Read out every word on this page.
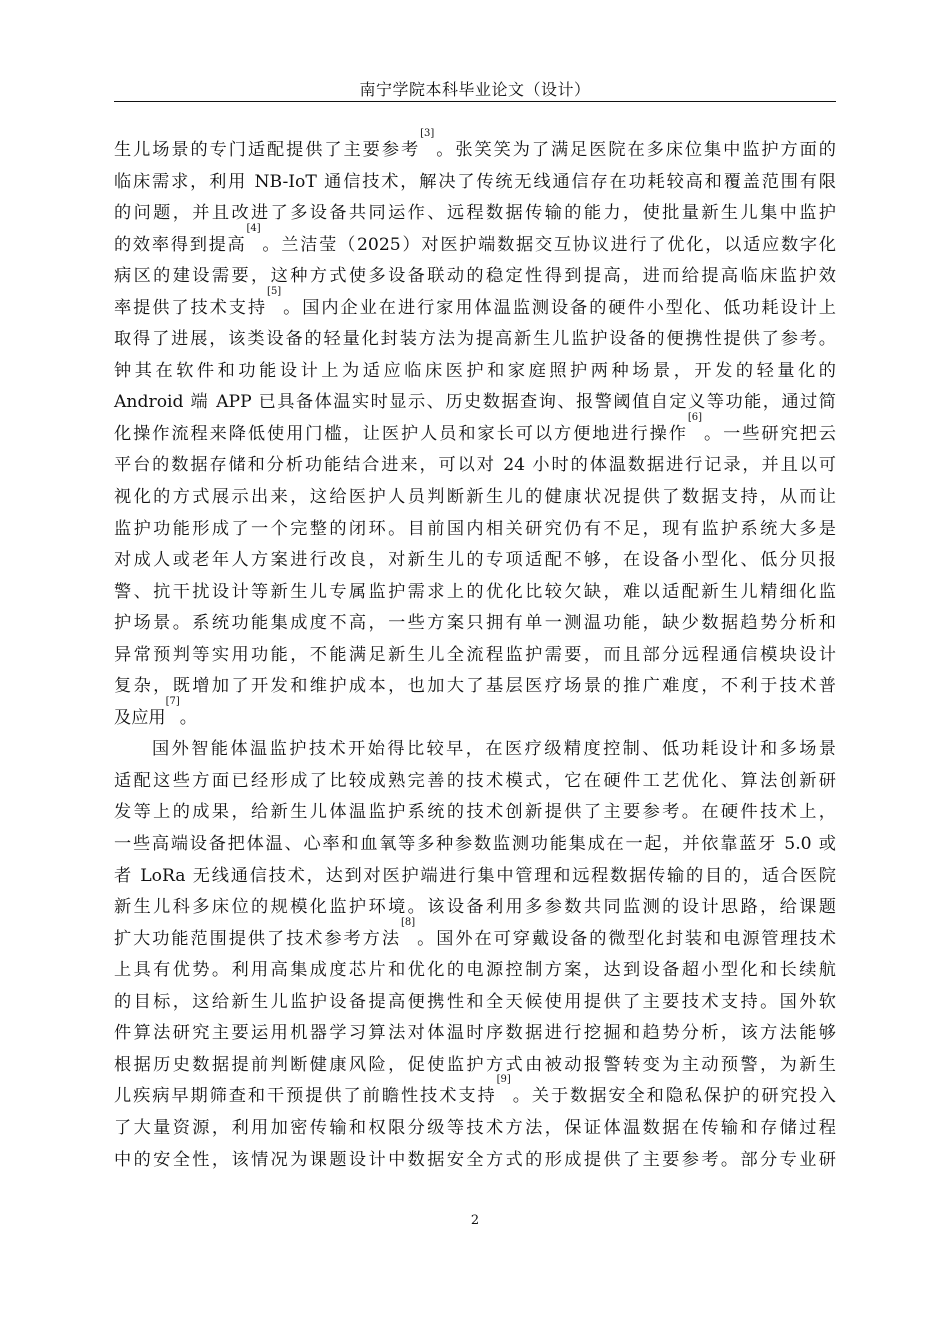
南宁学院本科毕业论文（设计）
生儿场景的专门适配提供了主要参考[3]。张笑笑为了满足医院在多床位集中监护方面的
临床需求，利用 NB-IoT 通信技术，解决了传统无线通信存在功耗较高和覆盖范围有限
的问题，并且改进了多设备共同运作、远程数据传输的能力，使批量新生儿集中监护
的效率得到提高[4]。兰洁莹（2025）对医护端数据交互协议进行了优化，以适应数字化
病区的建设需要，这种方式使多设备联动的稳定性得到提高，进而给提高临床监护效
率提供了技术支持[5]。国内企业在进行家用体温监测设备的硬件小型化、低功耗设计上
取得了进展，该类设备的轻量化封装方法为提高新生儿监护设备的便携性提供了参考。
钟其在软件和功能设计上为适应临床医护和家庭照护两种场景，开发的轻量化的
Android 端 APP 已具备体温实时显示、历史数据查询、报警阈值自定义等功能，通过简
化操作流程来降低使用门槛，让医护人员和家长可以方便地进行操作[6]。一些研究把云
平台的数据存储和分析功能结合进来，可以对 24 小时的体温数据进行记录，并且以可
视化的方式展示出来，这给医护人员判断新生儿的健康状况提供了数据支持，从而让
监护功能形成了一个完整的闭环。目前国内相关研究仍有不足，现有监护系统大多是
对成人或老年人方案进行改良，对新生儿的专项适配不够，在设备小型化、低分贝报
警、抗干扰设计等新生儿专属监护需求上的优化比较欠缺，难以适配新生儿精细化监
护场景。系统功能集成度不高，一些方案只拥有单一测温功能，缺少数据趋势分析和
异常预判等实用功能，不能满足新生儿全流程监护需要，而且部分远程通信模块设计
复杂，既增加了开发和维护成本，也加大了基层医疗场景的推广难度，不利于技术普
及应用[7]。
国外智能体温监护技术开始得比较早，在医疗级精度控制、低功耗设计和多场景
适配这些方面已经形成了比较成熟完善的技术模式，它在硬件工艺优化、算法创新研
发等上的成果，给新生儿体温监护系统的技术创新提供了主要参考。在硬件技术上，
一些高端设备把体温、心率和血氧等多种参数监测功能集成在一起，并依靠蓝牙 5.0 或
者 LoRa 无线通信技术，达到对医护端进行集中管理和远程数据传输的目的，适合医院
新生儿科多床位的规模化监护环境。该设备利用多参数共同监测的设计思路，给课题
扩大功能范围提供了技术参考方法[8]。国外在可穿戴设备的微型化封装和电源管理技术
上具有优势。利用高集成度芯片和优化的电源控制方案，达到设备超小型化和长续航
的目标，这给新生儿监护设备提高便携性和全天候使用提供了主要技术支持。国外软
件算法研究主要运用机器学习算法对体温时序数据进行挖掘和趋势分析，该方法能够
根据历史数据提前判断健康风险，促使监护方式由被动报警转变为主动预警，为新生
儿疾病早期筛查和干预提供了前瞻性技术支持[9]。关于数据安全和隐私保护的研究投入
了大量资源，利用加密传输和权限分级等技术方法，保证体温数据在传输和存储过程
中的安全性，该情况为课题设计中数据安全方式的形成提供了主要参考。部分专业研
2
